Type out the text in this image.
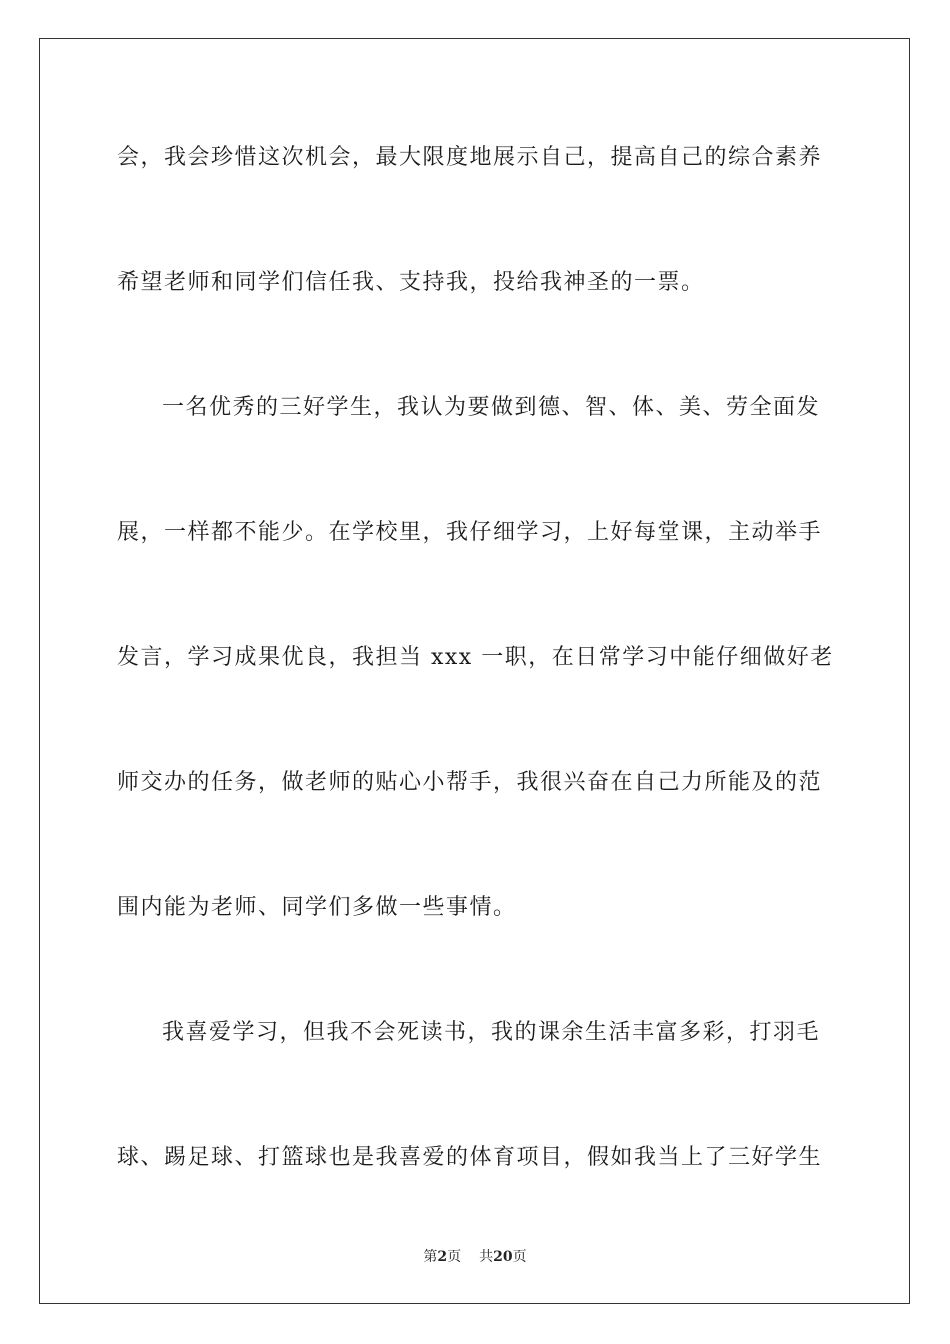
会，我会珍惜这次机会，最大限度地展示自己，提高自己的综合素养
希望老师和同学们信任我、支持我，投给我神圣的一票。
一名优秀的三好学生，我认为要做到德、智、体、美、劳全面发
展，一样都不能少。在学校里，我仔细学习，上好每堂课，主动举手
发言，学习成果优良，我担当 xxx 一职，在日常学习中能仔细做好老
师交办的任务，做老师的贴心小帮手，我很兴奋在自己力所能及的范
围内能为老师、同学们多做一些事情。
我喜爱学习，但我不会死读书，我的课余生活丰富多彩，打羽毛
球、踢足球、打篮球也是我喜爱的体育项目，假如我当上了三好学生
第2页 共20页
